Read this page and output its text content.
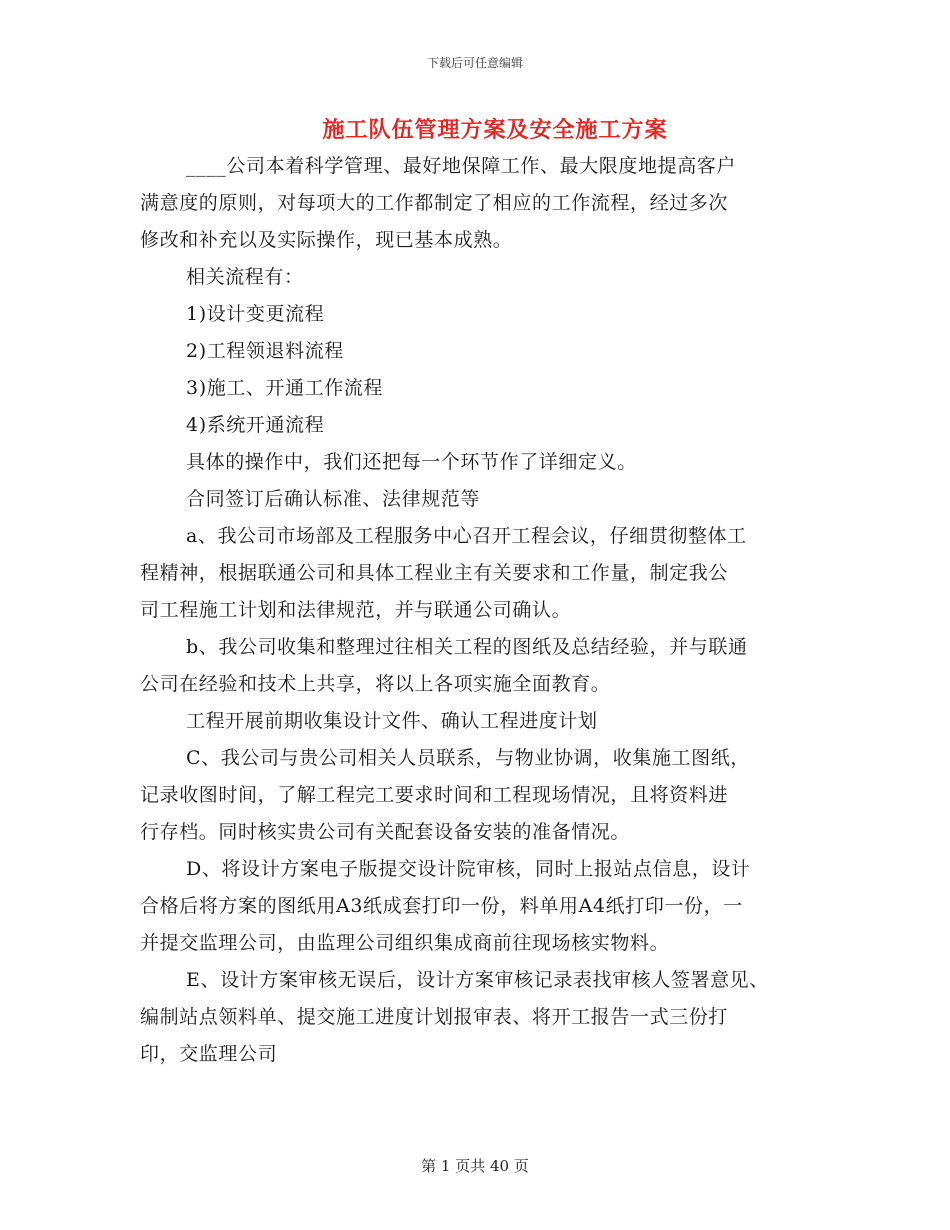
下载后可任意编辑
施工队伍管理方案及安全施工方案
____公司本着科学管理、最好地保障工作、最大限度地提高客户
满意度的原则，对每项大的工作都制定了相应的工作流程，经过多次
修改和补充以及实际操作，现已基本成熟。
相关流程有：
1)设计变更流程
2)工程领退料流程
3)施工、开通工作流程
4)系统开通流程
具体的操作中，我们还把每一个环节作了详细定义。
合同签订后确认标准、法律规范等
a、我公司市场部及工程服务中心召开工程会议，仔细贯彻整体工
程精神，根据联通公司和具体工程业主有关要求和工作量，制定我公
司工程施工计划和法律规范，并与联通公司确认。
b、我公司收集和整理过往相关工程的图纸及总结经验，并与联通
公司在经验和技术上共享，将以上各项实施全面教育。
工程开展前期收集设计文件、确认工程进度计划
C、我公司与贵公司相关人员联系，与物业协调，收集施工图纸，
记录收图时间，了解工程完工要求时间和工程现场情况，且将资料进
行存档。同时核实贵公司有关配套设备安装的准备情况。
D、将设计方案电子版提交设计院审核，同时上报站点信息，设计
合格后将方案的图纸用A3纸成套打印一份，料单用A4纸打印一份，一
并提交监理公司，由监理公司组织集成商前往现场核实物料。
E、设计方案审核无误后，设计方案审核记录表找审核人签署意见、
编制站点领料单、提交施工进度计划报审表、将开工报告一式三份打
印，交监理公司
第 1 页共 40 页
